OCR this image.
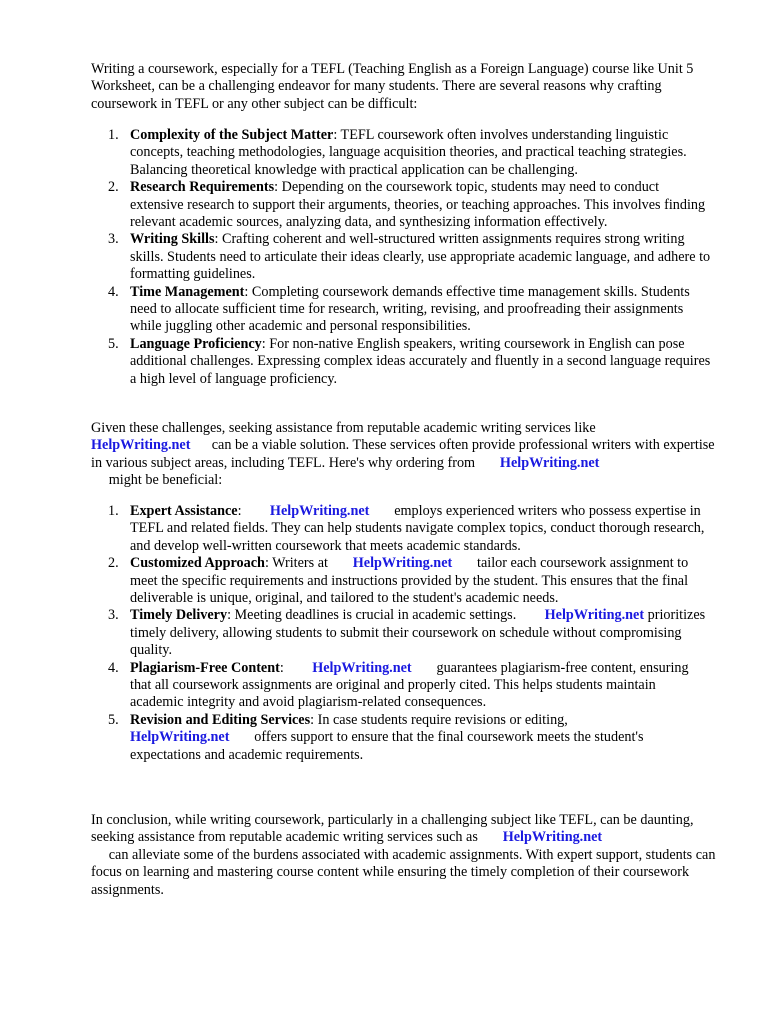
Writing a coursework, especially for a TEFL (Teaching English as a Foreign Language) course like Unit 5 Worksheet, can be a challenging endeavor for many students. There are several reasons why crafting coursework in TEFL or any other subject can be difficult:

1. Complexity of the Subject Matter: TEFL coursework often involves understanding linguistic concepts, teaching methodologies, language acquisition theories, and practical teaching strategies. Balancing theoretical knowledge with practical application can be challenging.
2. Research Requirements: Depending on the coursework topic, students may need to conduct extensive research to support their arguments, theories, or teaching approaches. This involves finding relevant academic sources, analyzing data, and synthesizing information effectively.
3. Writing Skills: Crafting coherent and well-structured written assignments requires strong writing skills. Students need to articulate their ideas clearly, use appropriate academic language, and adhere to formatting guidelines.
4. Time Management: Completing coursework demands effective time management skills. Students need to allocate sufficient time for research, writing, revising, and proofreading their assignments while juggling other academic and personal responsibilities.
5. Language Proficiency: For non-native English speakers, writing coursework in English can pose additional challenges. Expressing complex ideas accurately and fluently in a second language requires a high level of language proficiency.

Given these challenges, seeking assistance from reputable academic writing services like
HelpWriting.net can be a viable solution. These services often provide professional writers with expertise in various subject areas, including TEFL. Here's why ordering from HelpWriting.net
might be beneficial:

1. Expert Assistance: HelpWriting.net employs experienced writers who possess expertise in TEFL and related fields. They can help students navigate complex topics, conduct thorough research, and develop well-written coursework that meets academic standards.
2. Customized Approach: Writers at HelpWriting.net tailor each coursework assignment to meet the specific requirements and instructions provided by the student. This ensures that the final deliverable is unique, original, and tailored to the student's academic needs.
3. Timely Delivery: Meeting deadlines is crucial in academic settings. HelpWriting.net prioritizes timely delivery, allowing students to submit their coursework on schedule without compromising quality.
4. Plagiarism-Free Content: HelpWriting.net guarantees plagiarism-free content, ensuring that all coursework assignments are original and properly cited. This helps students maintain academic integrity and avoid plagiarism-related consequences.
5. Revision and Editing Services: In case students require revisions or editing,
HelpWriting.net offers support to ensure that the final coursework meets the student's expectations and academic requirements.

In conclusion, while writing coursework, particularly in a challenging subject like TEFL, can be daunting, seeking assistance from reputable academic writing services such as HelpWriting.net
can alleviate some of the burdens associated with academic assignments. With expert support, students can focus on learning and mastering course content while ensuring the timely completion of their coursework assignments.
